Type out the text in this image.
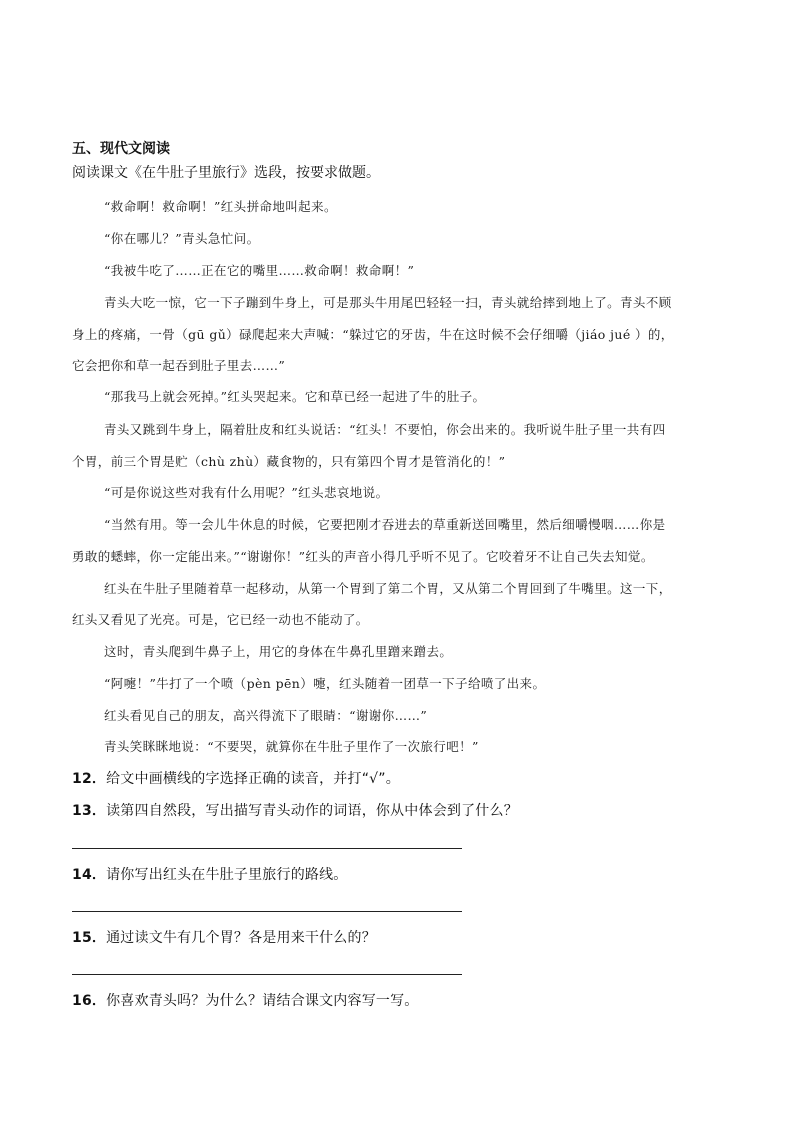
五、现代文阅读
阅读课文《在牛肚子里旅行》选段，按要求做题。
“救命啊！救命啊！”红头拼命地叫起来。
“你在哪儿？”青头急忙问。
“我被牛吃了……正在它的嘴里……救命啊！救命啊！”
青头大吃一惊，它一下子蹦到牛身上，可是那头牛用尾巴轻轻一扫，青头就给摔到地上了。青头不顾
身上的疼痛，一骨（gū gǔ）碌爬起来大声喊：“躲过它的牙齿，牛在这时候不会仔细嚼（jiáo jué ）的，
它会把你和草一起吞到肚子里去……”
“那我马上就会死掉。”红头哭起来。它和草已经一起进了牛的肚子。
青头又跳到牛身上，隔着肚皮和红头说话：“红头！不要怕，你会出来的。我听说牛肚子里一共有四
个胃，前三个胃是贮（chù zhù）藏食物的，只有第四个胃才是管消化的！”
“可是你说这些对我有什么用呢？”红头悲哀地说。
“当然有用。等一会儿牛休息的时候，它要把刚才吞进去的草重新送回嘴里，然后细嚼慢咽……你是
勇敢的蟋蟀，你一定能出来。”“谢谢你！”红头的声音小得几乎听不见了。它咬着牙不让自己失去知觉。
红头在牛肚子里随着草一起移动，从第一个胃到了第二个胃，又从第二个胃回到了牛嘴里。这一下，
红头又看见了光亮。可是，它已经一动也不能动了。
这时，青头爬到牛鼻子上，用它的身体在牛鼻孔里蹭来蹭去。
“阿嚏！”牛打了一个喷（pèn pēn）嚏，红头随着一团草一下子给喷了出来。
红头看见自己的朋友，高兴得流下了眼睛：“谢谢你……”
青头笑眯眯地说：“不要哭，就算你在牛肚子里作了一次旅行吧！”
12．给文中画横线的字选择正确的读音，并打“√”。
13．读第四自然段，写出描写青头动作的词语，你从中体会到了什么？
14．请你写出红头在牛肚子里旅行的路线。
15．通过读文牛有几个胃？各是用来干什么的？
16．你喜欢青头吗？为什么？请结合课文内容写一写。
